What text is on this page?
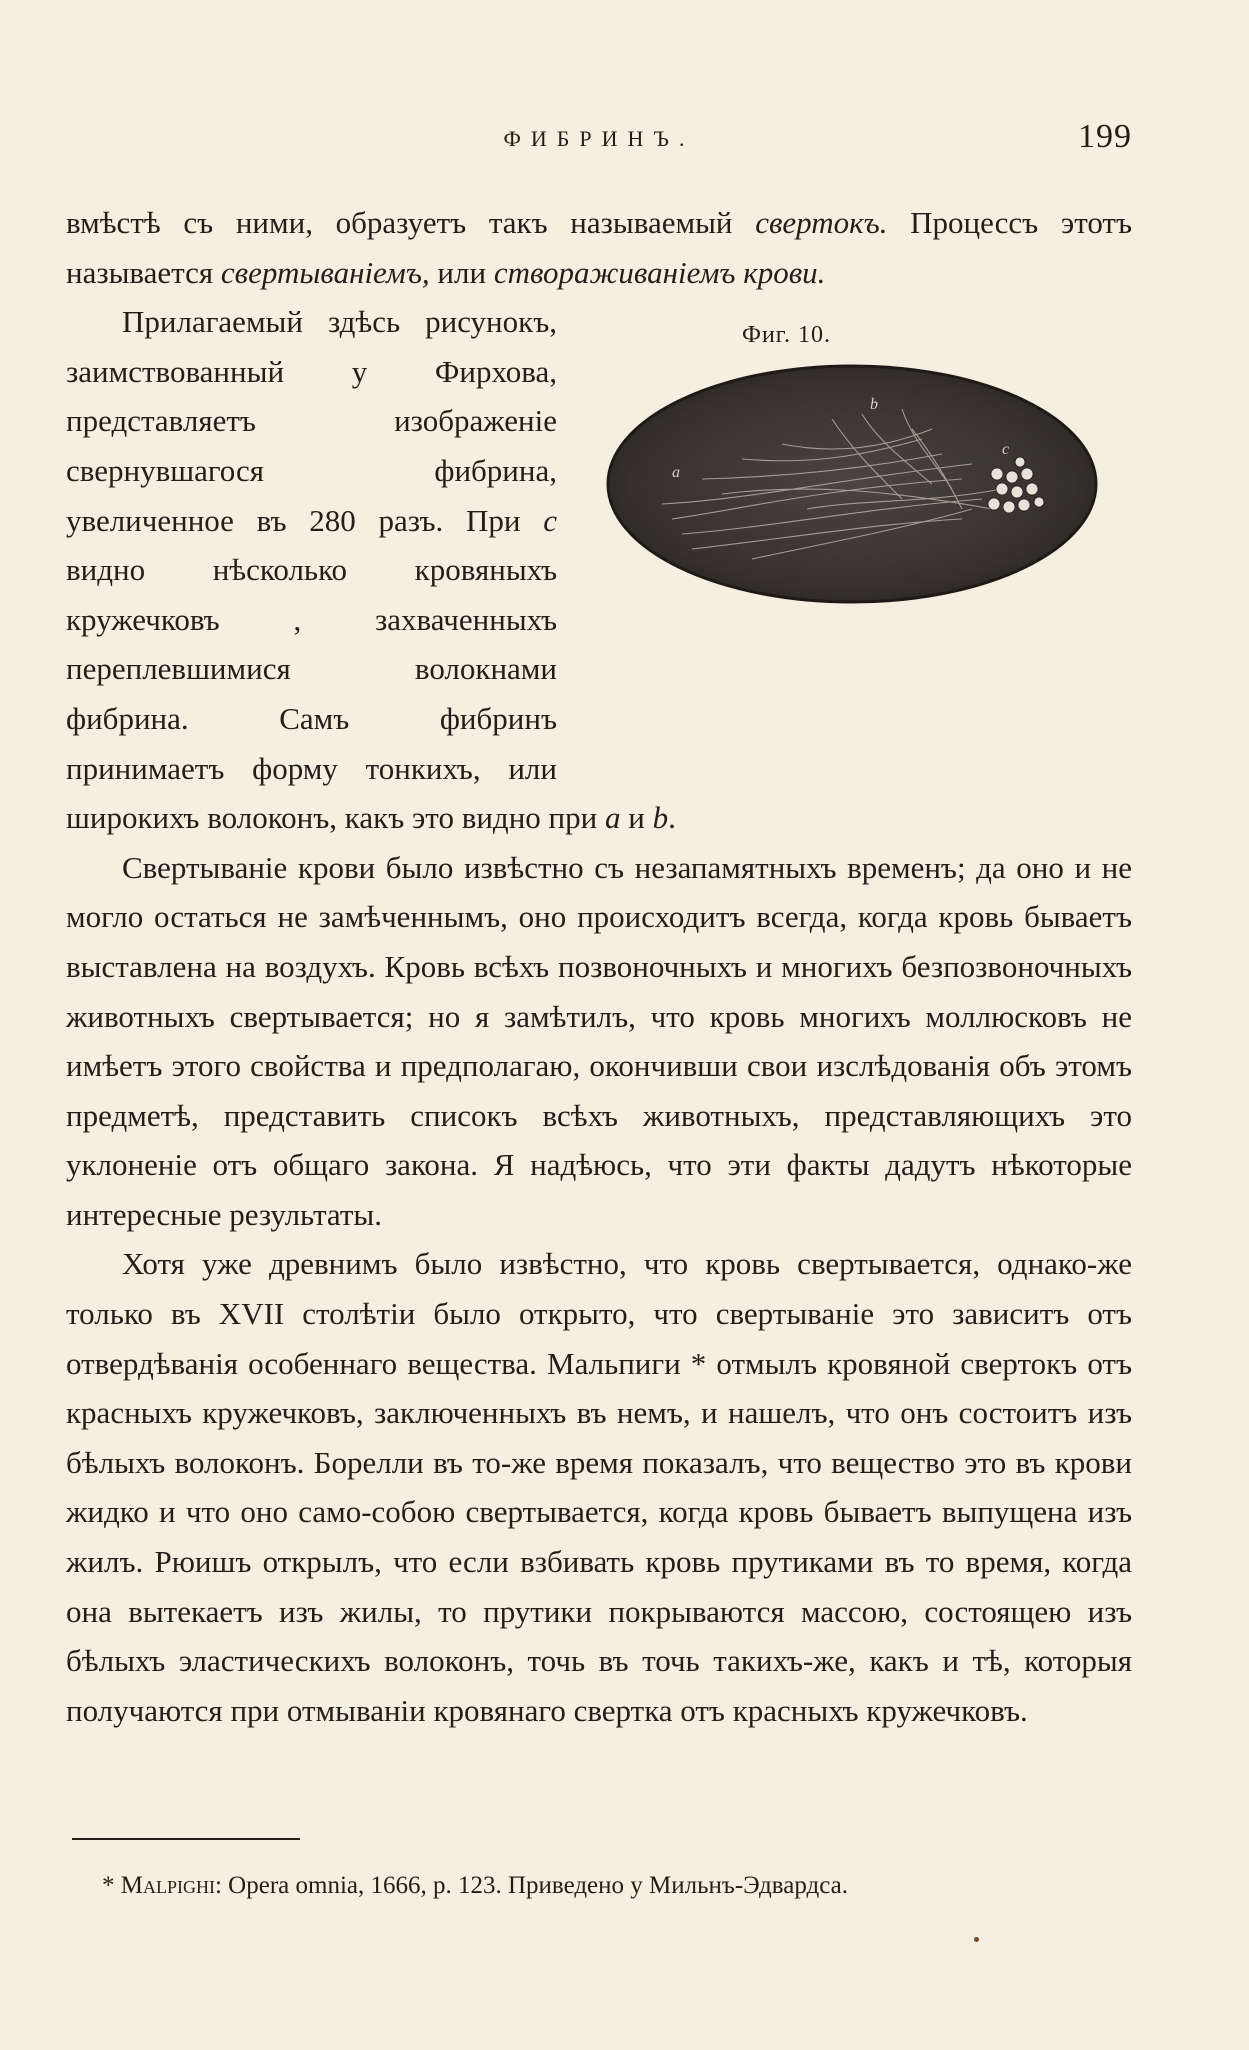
ФИБРИНЪ.	199

вмѣстѣ съ ними, образуетъ такъ называемый свертокъ. Процессъ этотъ называется свертыванiемъ, или створаживанiемъ крови.

Фиг. 10.
a
b
c

Прилагаемый здѣсь рисунокъ, заимствованный у Фирхова, представляетъ изображенiе свернувшагося фибрина, увеличенное въ 280 разъ. При c видно нѣсколько кровяныхъ кружечковъ , захваченныхъ переплевшимися волокнами фибрина. Самъ фибринъ принимаетъ форму тонкихъ, или широкихъ волоконъ, какъ это видно при a и b.

Свертыванiе крови было извѣстно съ незапамятныхъ временъ; да оно и не могло остаться не замѣченнымъ, оно происходитъ всегда, когда кровь бываетъ выставлена на воздухъ. Кровь всѣхъ позвоночныхъ и многихъ безпозвоночныхъ животныхъ свертывается; но я замѣтилъ, что кровь многихъ моллюсковъ не имѣетъ этого свойства и предполагаю, окончивши свои изслѣдованiя объ этомъ предметѣ, представить списокъ всѣхъ животныхъ, представляющихъ это уклоненiе отъ общаго закона. Я надѣюсь, что эти факты дадутъ нѣкоторые интересные результаты.

Хотя уже древнимъ было извѣстно, что кровь свертывается, однако-же только въ XVII столѣтiи было открыто, что свертыванiе это зависитъ отъ отвердѣванiя особеннаго вещества. Мальпиги * отмылъ кровяной свертокъ отъ красныхъ кружечковъ, заключенныхъ въ немъ, и нашелъ, что онъ состоитъ изъ бѣлыхъ волоконъ. Борелли въ то-же время показалъ, что вещество это въ крови жидко и что оно само-собою свертывается, когда кровь бываетъ выпущена изъ жилъ. Рюишъ открылъ, что если взбивать кровь прутиками въ то время, когда она вытекаетъ изъ жилы, то прутики покрываются массою, состоящею изъ бѣлыхъ эластическихъ волоконъ, точь въ точь такихъ-же, какъ и тѣ, которыя получаются при отмыванiи кровянаго свертка отъ красныхъ кружечковъ.

* Malpighi: Opera omnia, 1666, p. 123. Приведено у Мильнъ-Эдвардса.
